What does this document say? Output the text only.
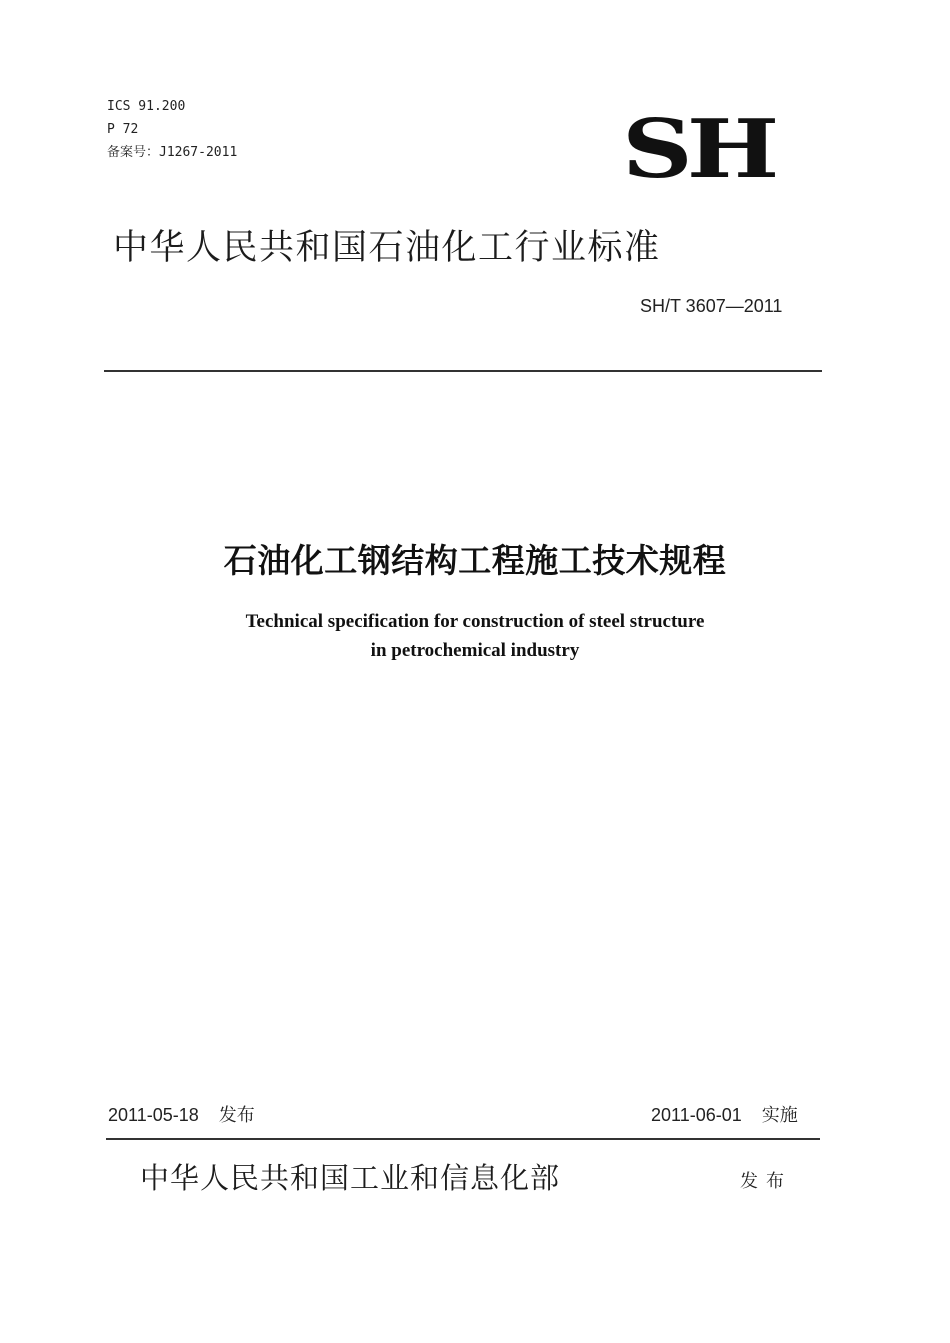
ICS 91.200
P 72
备案号：J1267-2011	SH
中华人民共和国石油化工行业标准
SH/T 3607—2011
石油化工钢结构工程施工技术规程
Technical specification for construction of steel structure
in petrochemical industry
2011-05-18 发布	2011-06-01 实施
中华人民共和国工业和信息化部	发布
